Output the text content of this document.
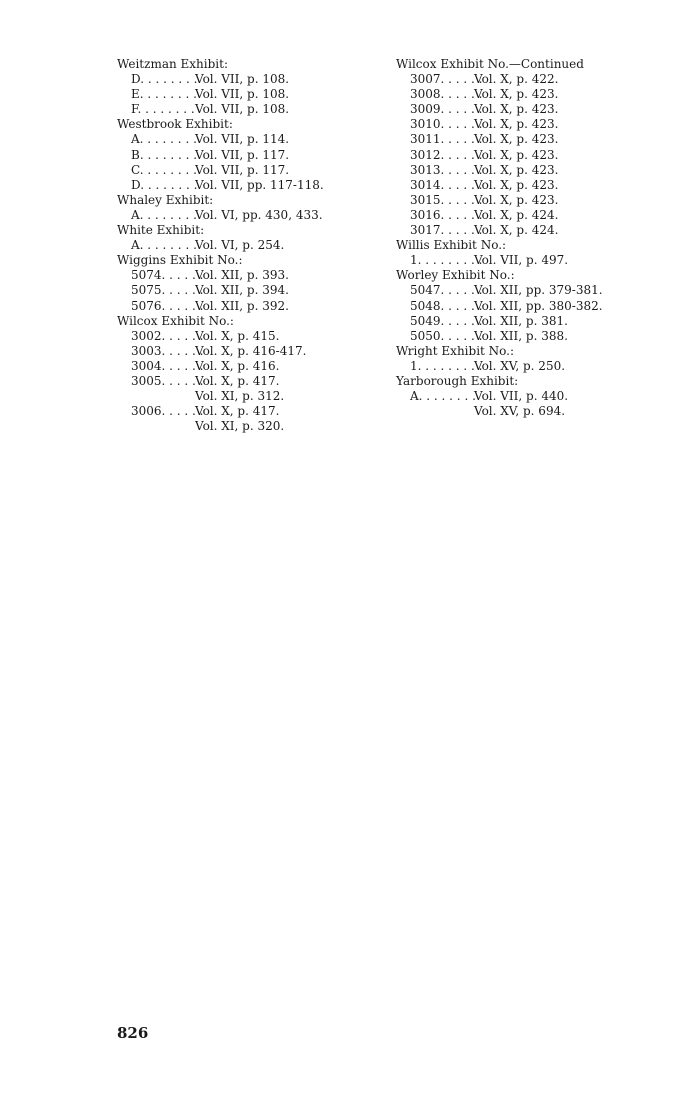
Weitzman Exhibit:
D. . . . . . . .
Vol. VII, p. 108.
E. . . . . . . .
Vol. VII, p. 108.
F. . . . . . . . Vol. VII, p. 108.
Westbrook Exhibit:
A. . . . . . . .
Vol. VII, p. 114.
B. . . . . . . .
Vol. VII, p. 117.
C. . . . . . . .
Vol. VII, p. 117.
D. . . . . . . .
Vol. VII, pp. 117-118.
Whaley Exhibit:
A. . . . . . . .
Vol. VI, pp. 430, 433.
White Exhibit:
A. . . . . . . .
Vol. VI, p. 254.
Wiggins Exhibit No.:
5074. . . . . .
Vol. XII, p. 393.
5075. . . . . .
Vol. XII, p. 394.
5076. . . . . .
Vol. XII, p. 392.
Wilcox Exhibit No.:
3002. . . . . .
Vol. X, p. 415.
3003. . . . . .
Vol. X, p. 416-417.
3004. . . . . .
Vol. X, p. 416.
3005. . . . . .
Vol. X, p. 417.
Vol. XI, p. 312.
3006. . . . . .
Vol. X, p. 417.
Vol. XI, p. 320.
Wilcox Exhibit No.—Continued
3007. . . . . .
Vol. X, p. 422.
3008. . . . . .
Vol. X, p. 423.
3009. . . . . .
Vol. X, p. 423.
3010. . . . . .
Vol. X, p. 423.
3011. . . . . .
Vol. X, p. 423.
3012. . . . . .
Vol. X, p. 423.
3013. . . . . .
Vol. X, p. 423.
3014. . . . . .
Vol. X, p. 423.
3015. . . . . .
Vol. X, p. 423.
3016. . . . . .
Vol. X, p. 424.
3017. . . . . .
Vol. X, p. 424.
Willis Exhibit No.:
1. . . . . . . . .
Vol. VII, p. 497.
Worley Exhibit No.:
5047. . . . . .
Vol. XII, pp. 379-381.
5048. . . . . .
Vol. XII, pp. 380-382.
5049. . . . . .
Vol. XII, p. 381.
5050. . . . . .
Vol. XII, p. 388.
Wright Exhibit No.:
1. . . . . . . . .
Vol. XV, p. 250.
Yarborough Exhibit:
A. . . . . . . .
Vol. VII, p. 440.
Vol. XV, p. 694.
826
